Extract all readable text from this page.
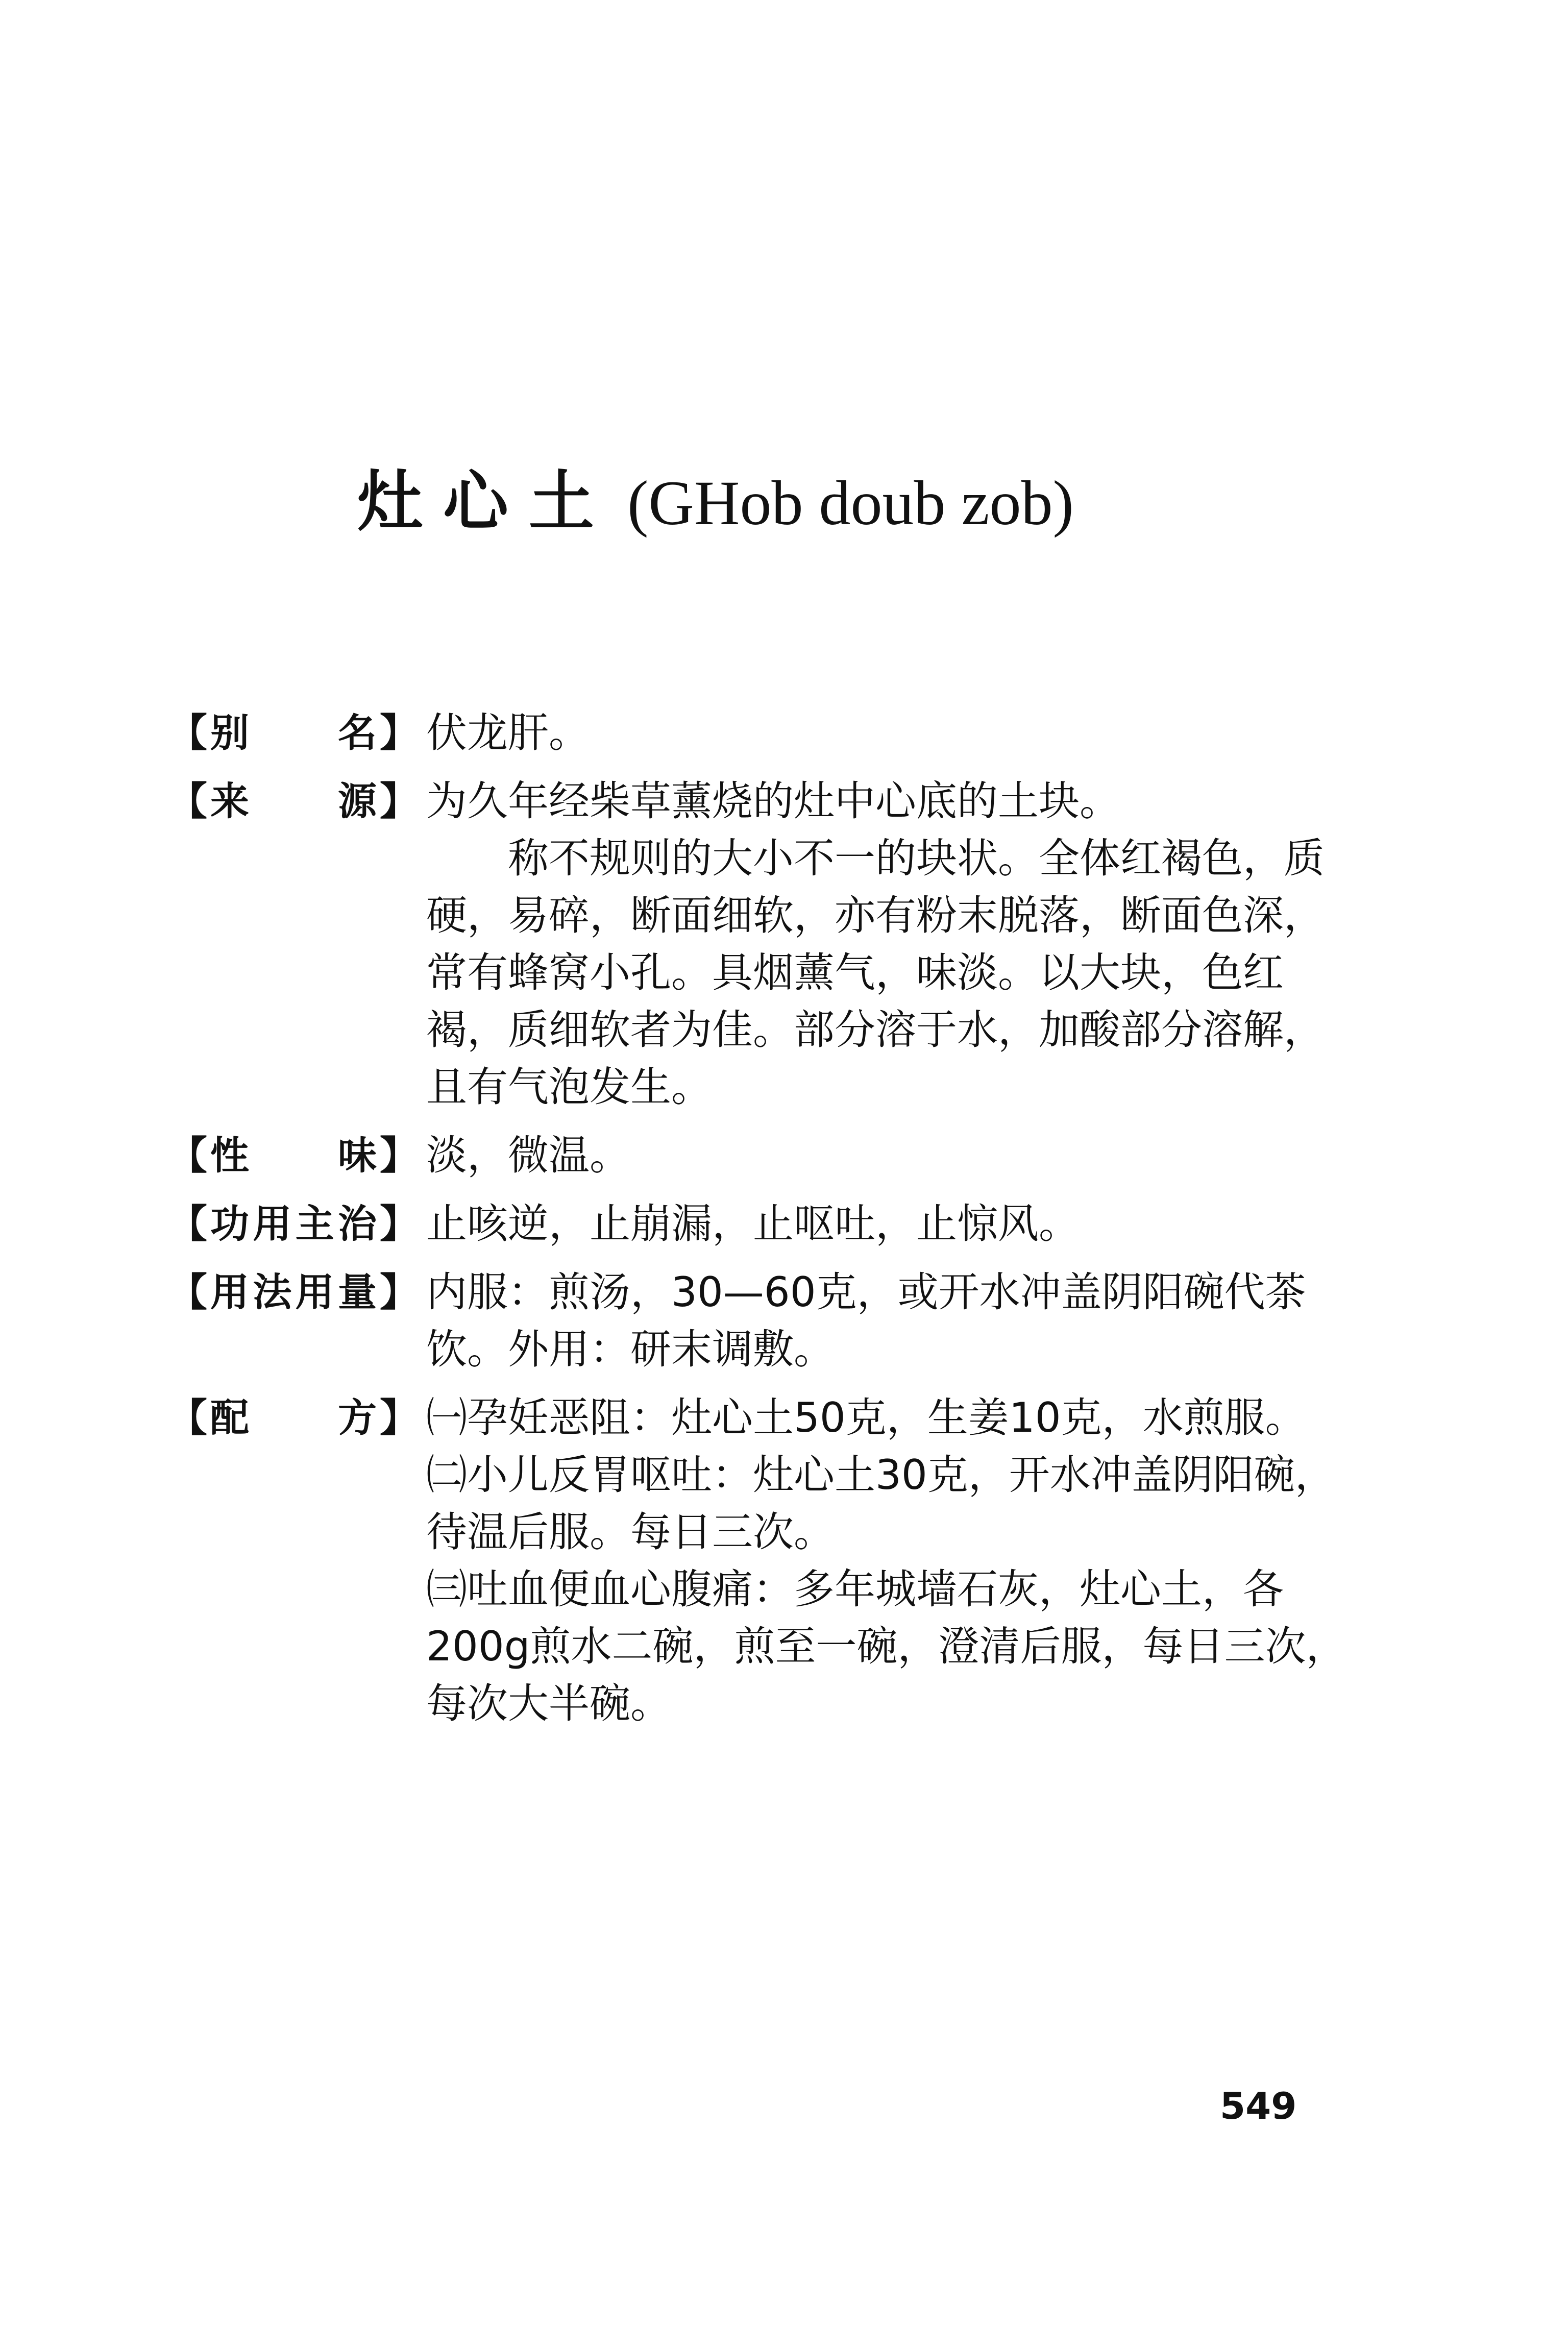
灶心土 (GHob doub zob)
【 别 名 】 伏龙肝。
【 来 源 】 为久年经柴草薰烧的灶中心底的土块。
称不规则的大小不一的块状。全体红褐色，质
硬，易碎，断面细软，亦有粉末脱落，断面色深，
常有蜂窝小孔。具烟薰气，味淡。以大块，色红
褐，质细软者为佳。部分溶于水，加酸部分溶解，
且有气泡发生。
【 性 味 】 淡，微温。
【 功 用 主 治 】 止咳逆，止崩漏，止呕吐，止惊风。
【 用 法 用 量 】 内服：煎汤，30—60克，或开水冲盖阴阳碗代茶
饮。外用：研末调敷。
【 配 方 】 ㈠孕妊恶阻：灶心土50克，生姜10克，水煎服。
㈡小儿反胃呕吐：灶心土30克，开水冲盖阴阳碗，
待温后服。每日三次。
㈢吐血便血心腹痛：多年城墙石灰，灶心土，各
200g煎水二碗，煎至一碗，澄清后服，每日三次，
每次大半碗。
549
